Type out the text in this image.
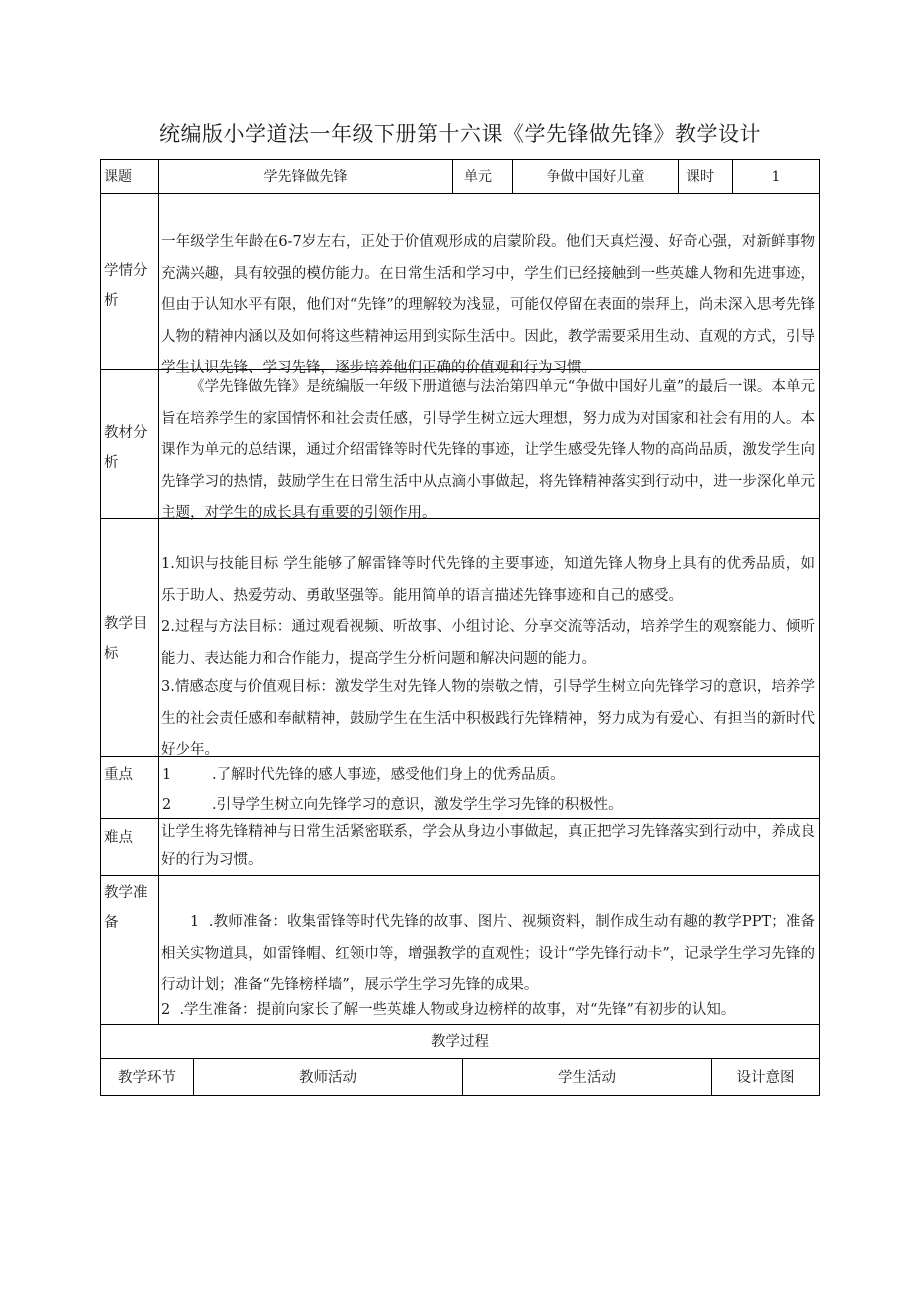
统编版小学道法一年级下册第十六课《学先锋做先锋》教学设计
课题	学先锋做先锋	单元	争做中国好儿童	课时	1
学情分析
一年级学生年龄在6-7岁左右，正处于价值观形成的启蒙阶段。他们天真烂漫、好奇心强，对新鲜事物充满兴趣，具有较强的模仿能力。在日常生活和学习中，学生们已经接触到一些英雄人物和先进事迹，但由于认知水平有限，他们对“先锋”的理解较为浅显，可能仅停留在表面的崇拜上，尚未深入思考先锋人物的精神内涵以及如何将这些精神运用到实际生活中。因此，教学需要采用生动、直观的方式，引导学生认识先锋、学习先锋，逐步培养他们正确的价值观和行为习惯。
教材分析
《学先锋做先锋》是统编版一年级下册道德与法治第四单元“争做中国好儿童”的最后一课。本单元旨在培养学生的家国情怀和社会责任感，引导学生树立远大理想，努力成为对国家和社会有用的人。本课作为单元的总结课，通过介绍雷锋等时代先锋的事迹，让学生感受先锋人物的高尚品质，激发学生向先锋学习的热情，鼓励学生在日常生活中从点滴小事做起，将先锋精神落实到行动中，进一步深化单元主题，对学生的成长具有重要的引领作用。
教学目标
1.知识与技能目标 学生能够了解雷锋等时代先锋的主要事迹，知道先锋人物身上具有的优秀品质，如乐于助人、热爱劳动、勇敢坚强等。能用简单的语言描述先锋事迹和自己的感受。
2.过程与方法目标：通过观看视频、听故事、小组讨论、分享交流等活动，培养学生的观察能力、倾听能力、表达能力和合作能力，提高学生分析问题和解决问题的能力。
3.情感态度与价值观目标：激发学生对先锋人物的崇敬之情，引导学生树立向先锋学习的意识，培养学生的社会责任感和奉献精神，鼓励学生在生活中积极践行先锋精神，努力成为有爱心、有担当的新时代好少年。
重点 1	.了解时代先锋的感人事迹，感受他们身上的优秀品质。
2	.引导学生树立向先锋学习的意识，激发学生学习先锋的积极性。
难点 让学生将先锋精神与日常生活紧密联系，学会从身边小事做起，真正把学习先锋落实到行动中，养成良好的行为习惯。
教学准备	1  .教师准备：收集雷锋等时代先锋的故事、图片、视频资料，制作成生动有趣的教学PPT；准备相关实物道具，如雷锋帽、红领巾等，增强教学的直观性；设计“学先锋行动卡”，记录学生学习先锋的行动计划；准备“先锋榜样墙”，展示学生学习先锋的成果。
2  .学生准备：提前向家长了解一些英雄人物或身边榜样的故事，对“先锋”有初步的认知。
教学过程
教学环节	教师活动	学生活动	设计意图
